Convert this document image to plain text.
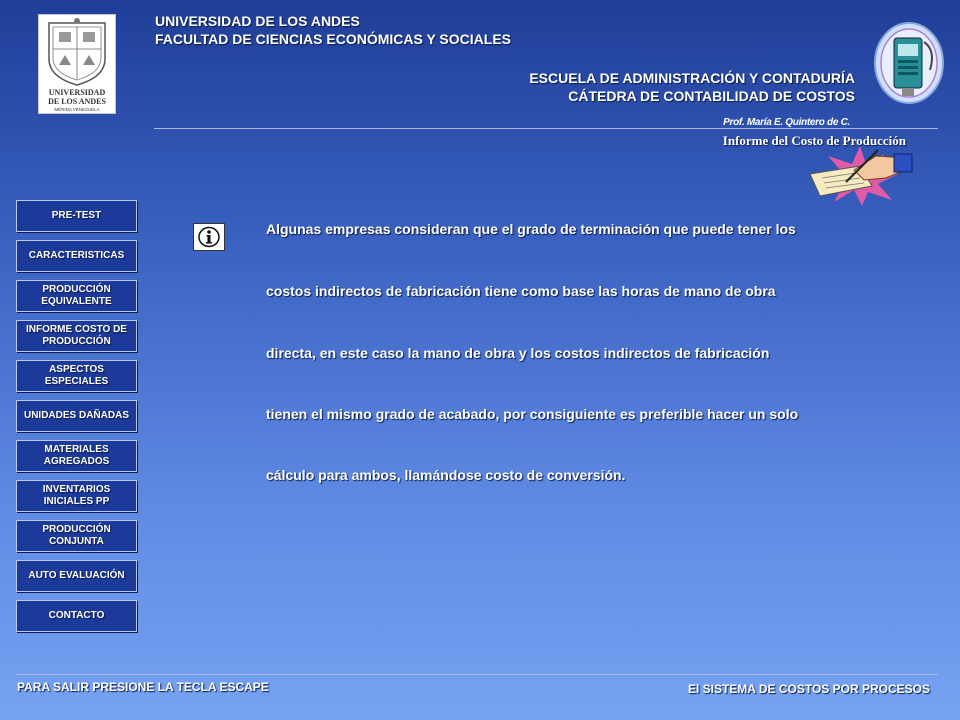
UNIVERSIDAD
DE LOS ANDES
MÉRIDA VENEZUELA
UNIVERSIDAD DE LOS ANDES
FACULTAD DE CIENCIAS ECONÓMICAS Y SOCIALES
ESCUELA DE ADMINISTRACIÓN Y CONTADURÍA
CÁTEDRA DE CONTABILIDAD DE COSTOS
Prof. María E. Quintero de C.
Informe del Costo de Producción
PRE-TEST
CARACTERISTICAS
PRODUCCIÓN EQUIVALENTE
INFORME COSTO DE PRODUCCIÓN
ASPECTOS ESPECIALES
UNIDADES DAÑADAS
MATERIALES AGREGADOS
INVENTARIOS INICIALES PP
PRODUCCIÓN CONJUNTA
AUTO EVALUACIÓN
CONTACTO
Algunas empresas consideran que el grado de terminación que puede tener los
costos indirectos de fabricación tiene como base las horas de mano de obra
directa, en este caso la mano de obra y los costos indirectos de fabricación
tienen el mismo grado de acabado, por consiguiente es preferible hacer un solo
cálculo para ambos, llamándose costo de conversión.
PARA SALIR PRESIONE LA TECLA ESCAPE	El SISTEMA DE COSTOS POR PROCESOS
